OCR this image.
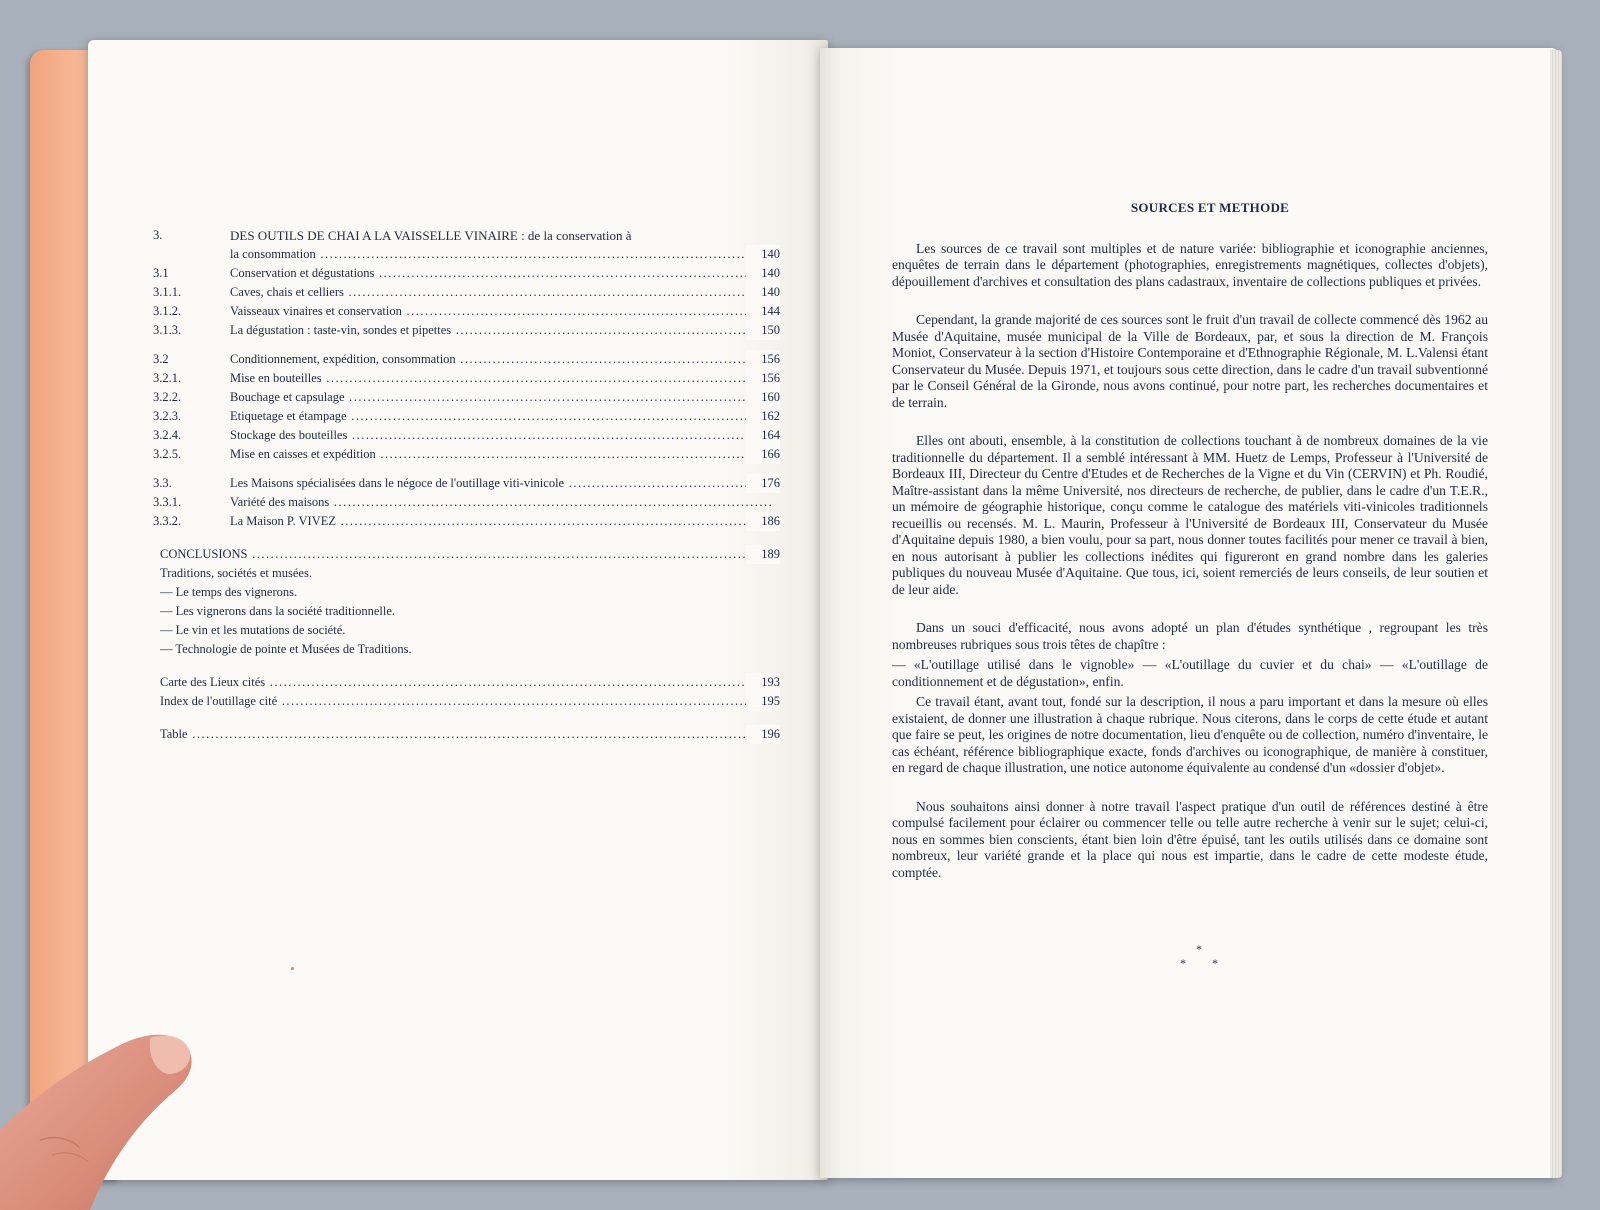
3.	DES OUTILS DE CHAI A LA VAISSELLE VINAIRE : de la conservation à
la consommation .....	140
3.1	Conservation et dégustations .....	140
3.1.1.	Caves, chais et celliers .....	140
3.1.2.	Vaisseaux vinaires et conservation .....	144
3.1.3.	La dégustation : taste-vin, sondes et pipettes .....	150
3.2	Conditionnement, expédition, consommation .....	156
3.2.1.	Mise en bouteilles .....	156
3.2.2.	Bouchage et capsulage .....	160
3.2.3.	Etiquetage et étampage .....	162
3.2.4.	Stockage des bouteilles .....	164
3.2.5.	Mise en caisses et expédition .....	166
3.3.	Les Maisons spécialisées dans le négoce de l'outillage viti-vinicole .....	176
3.3.1.	Variété des maisons .....
3.3.2.	La Maison P. VIVEZ .....	186
CONCLUSIONS .....	189
Traditions, sociétés et musées.
— Le temps des vignerons.
— Les vignerons dans la société traditionnelle.
— Le vin et les mutations de société.
— Technologie de pointe et Musées de Traditions.
Carte des Lieux cités .....	193
Index de l'outillage cité .....	195
Table .....	196
SOURCES ET METHODE

Les sources de ce travail sont multiples et de nature variée: bibliographie et iconographie anciennes, enquêtes de terrain dans le département (photographies, enregistrements magnétiques, collectes d'objets), dépouillement d'archives et consultation des plans cadastraux, inventaire de collections publiques et privées.

Cependant, la grande majorité de ces sources sont le fruit d'un travail de collecte commencé dès 1962 au Musée d'Aquitaine, musée municipal de la Ville de Bordeaux, par, et sous la direction de M. François Moniot, Conservateur à la section d'Histoire Contemporaine et d'Ethnographie Régionale, M. L.Valensi étant Conservateur du Musée. Depuis 1971, et toujours sous cette direction, dans le cadre d'un travail subventionné par le Conseil Général de la Gironde, nous avons continué, pour notre part, les recherches documentaires et de terrain.

Elles ont abouti, ensemble, à la constitution de collections touchant à de nombreux domaines de la vie traditionnelle du département. Il a semblé intéressant à MM. Huetz de Lemps, Professeur à l'Université de Bordeaux III, Directeur du Centre d'Etudes et de Recherches de la Vigne et du Vin (CERVIN) et Ph. Roudié, Maître-assistant dans la même Université, nos directeurs de recherche, de publier, dans le cadre d'un T.E.R., un mémoire de géographie historique, conçu comme le catalogue des matériels viti-vinicoles traditionnels recueillis ou recensés. M. L. Maurin, Professeur à l'Université de Bordeaux III, Conservateur du Musée d'Aquitaine depuis 1980, a bien voulu, pour sa part, nous donner toutes facilités pour mener ce travail à bien, en nous autorisant à publier les collections inédites qui figureront en grand nombre dans les galeries publiques du nouveau Musée d'Aquitaine. Que tous, ici, soient remerciés de leurs conseils, de leur soutien et de leur aide.

Dans un souci d'efficacité, nous avons adopté un plan d'études synthétique , regroupant les très nombreuses rubriques sous trois têtes de chapître :

— «L'outillage utilisé dans le vignoble» — «L'outillage du cuvier et du chai» — «L'outillage de conditionnement et de dégustation», enfin.

Ce travail étant, avant tout, fondé sur la description, il nous a paru important et dans la mesure où elles existaient, de donner une illustration à chaque rubrique. Nous citerons, dans le corps de cette étude et autant que faire se peut, les origines de notre documentation, lieu d'enquête ou de collection, numéro d'inventaire, le cas échéant, référence bibliographique exacte, fonds d'archives ou iconographique, de manière à constituer, en regard de chaque illustration, une notice autonome équivalente au condensé d'un «dossier d'objet».

Nous souhaitons ainsi donner à notre travail l'aspect pratique d'un outil de références destiné à être compulsé facilement pour éclairer ou commencer telle ou telle autre recherche à venir sur le sujet; celui-ci, nous en sommes bien conscients, étant bien loin d'être épuisé, tant les outils utilisés dans ce domaine sont nombreux, leur variété grande et la place qui nous est impartie, dans le cadre de cette modeste étude, comptée.

*
* *
